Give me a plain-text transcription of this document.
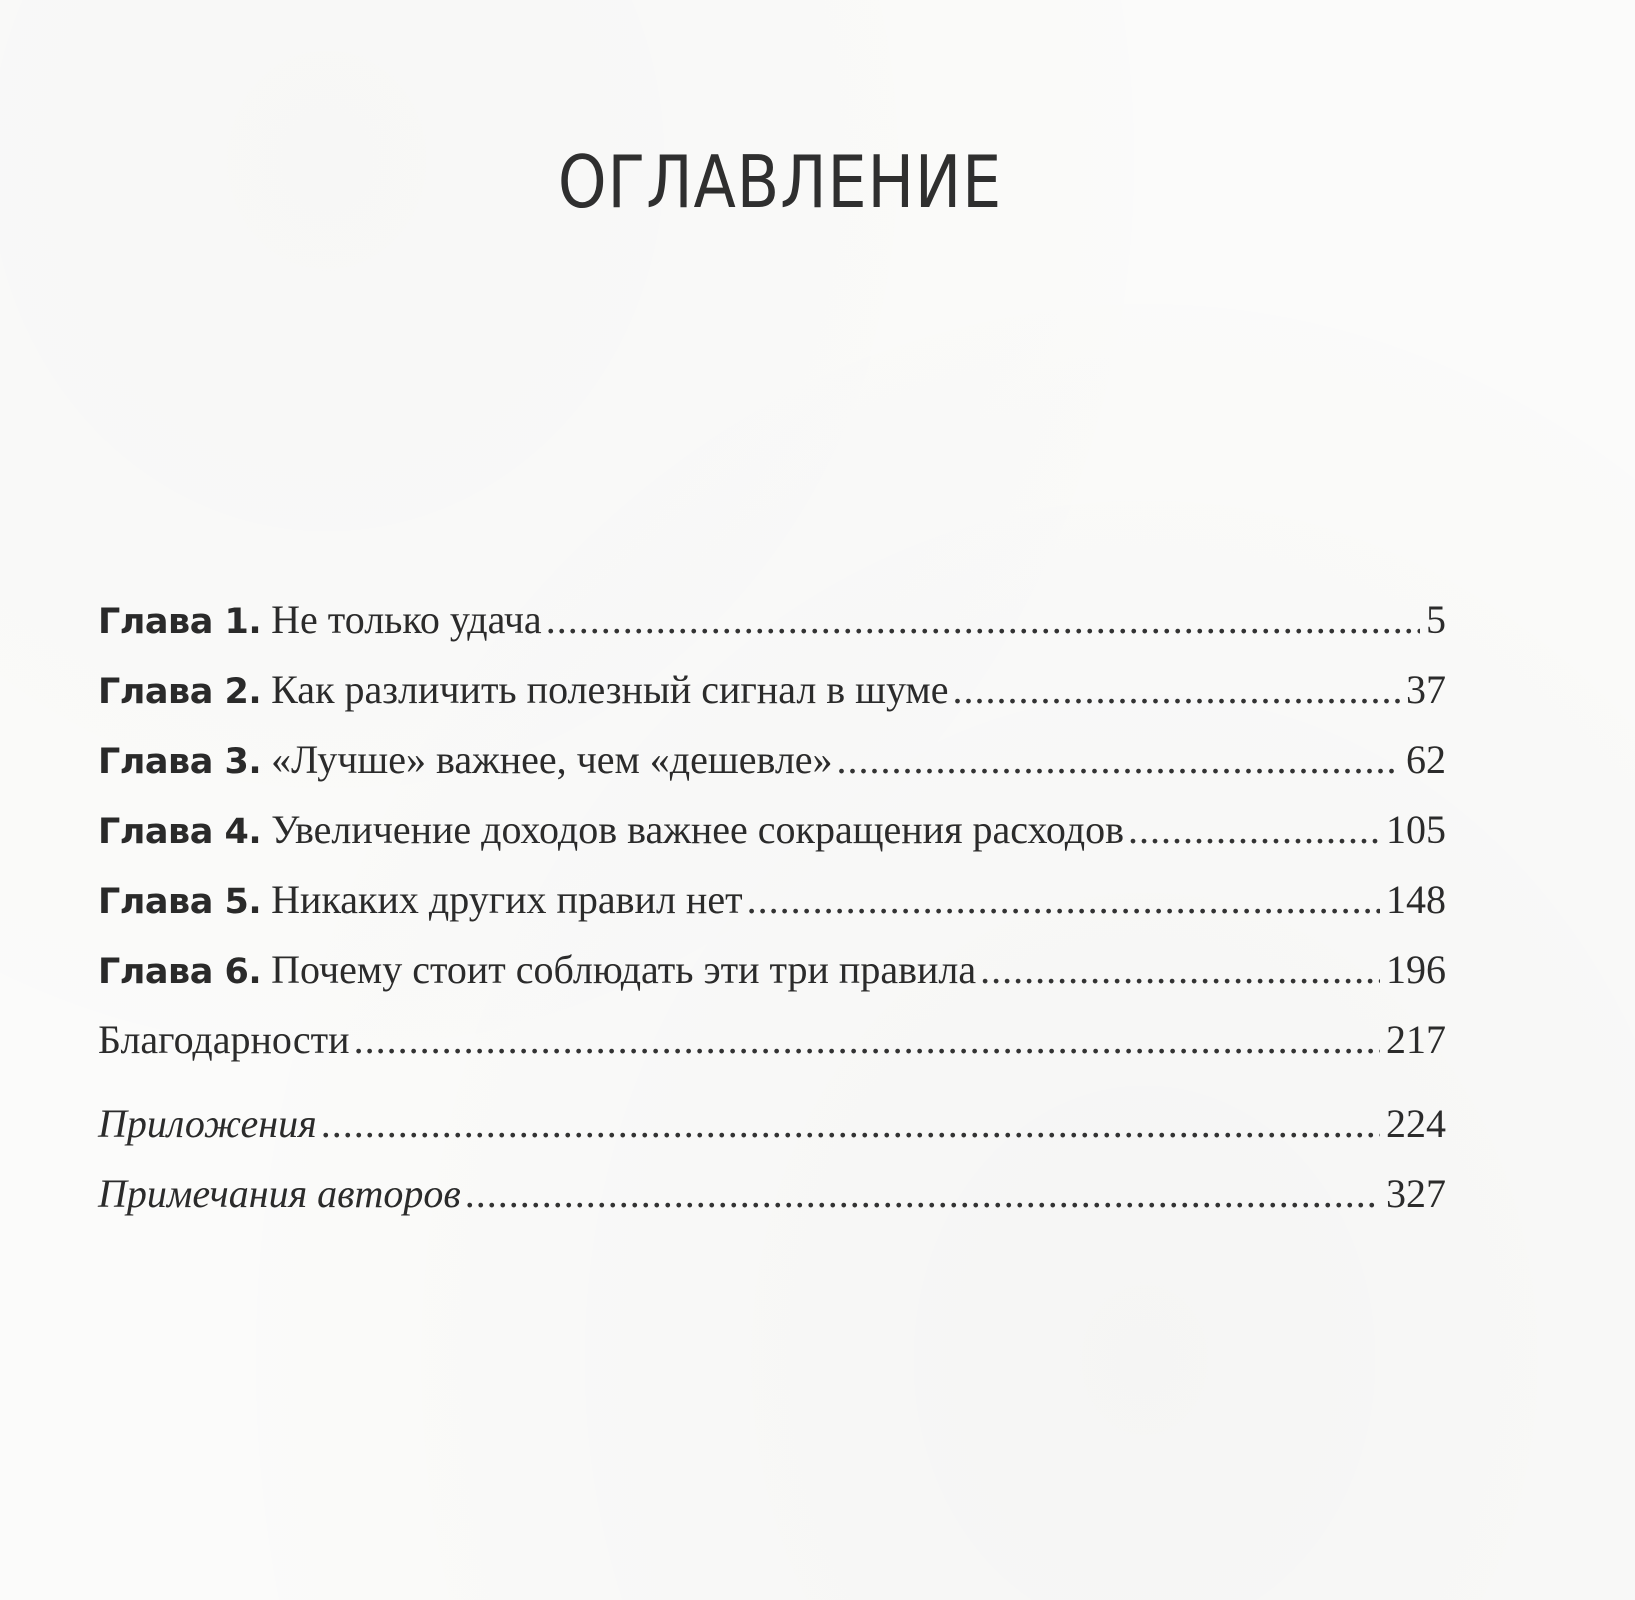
ОГЛАВЛЕНИЕ
Глава 1. Не только удача .....	5
Глава 2. Как различить полезный сигнал в шуме .....	37
Глава 3. «Лучше» важнее, чем «дешевле» .....	62
Глава 4. Увеличение доходов важнее сокращения расходов .....	105
Глава 5. Никаких других правил нет .....	148
Глава 6. Почему стоит соблюдать эти три правила .....	196
Благодарности .....	217
Приложения .....	224
Примечания авторов .....	327
